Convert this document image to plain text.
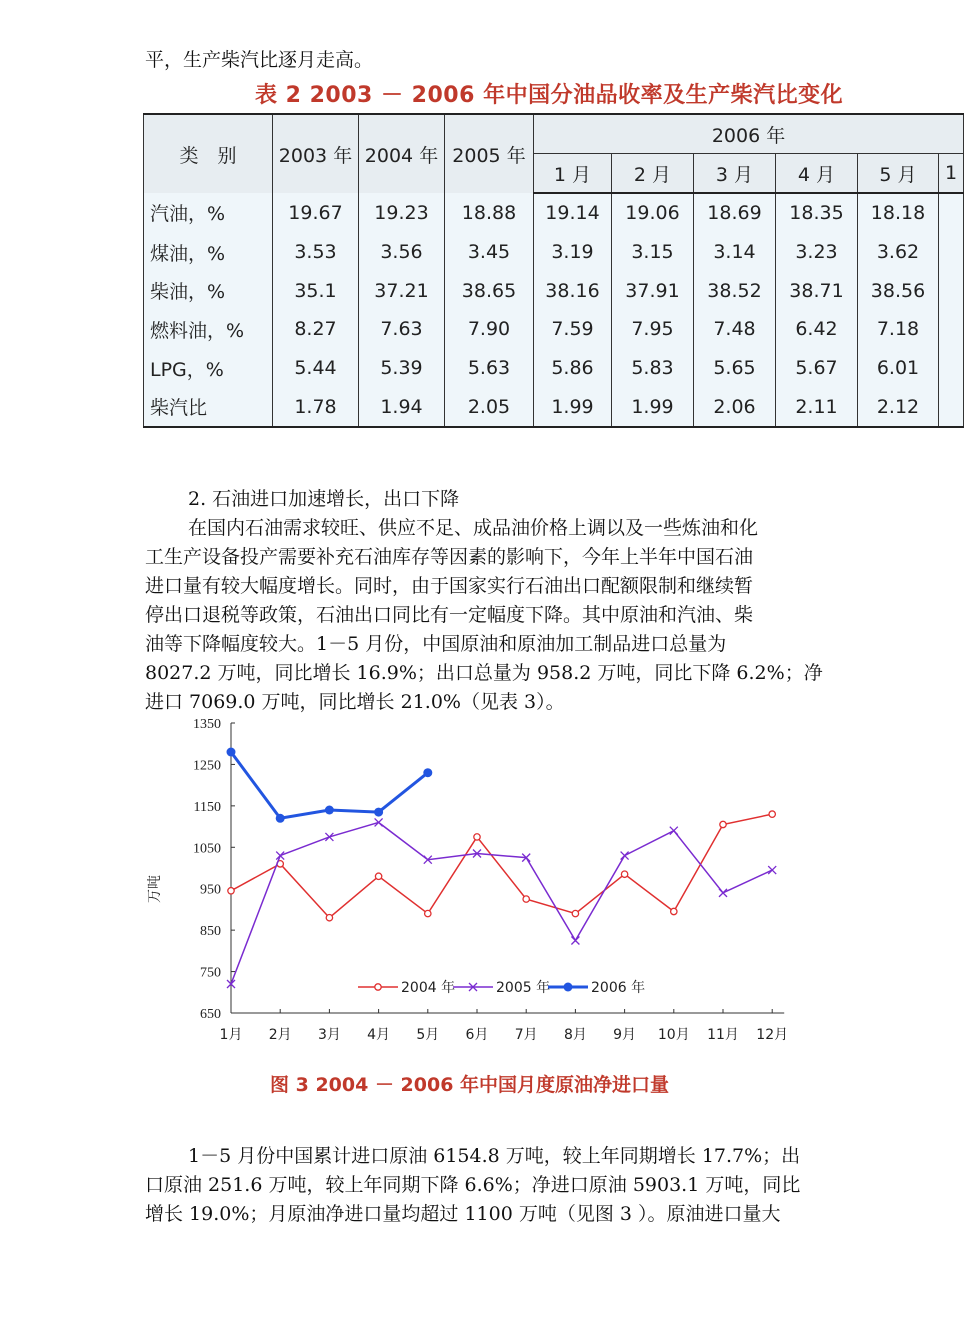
平，生产柴汽比逐月走高。
表 2 2003 － 2006 年中国分油品收率及生产柴汽比变化
类　别	2003 年	2004 年	2005 年	2006 年					
				1 月	2 月	3 月	4 月	5 月	1
汽油，%	19.67	19.23	18.88	19.14	19.06	18.69	18.35	18.18	
煤油，%	3.53	3.56	3.45	3.19	3.15	3.14	3.23	3.62	
柴油，%	35.1	37.21	38.65	38.16	37.91	38.52	38.71	38.56	
燃料油，%	8.27	7.63	7.90	7.59	7.95	7.48	6.42	7.18	
LPG，%	5.44	5.39	5.63	5.86	5.83	5.65	5.67	6.01	
柴汽比	1.78	1.94	2.05	1.99	1.99	2.06	2.11	2.12	
2. 石油进口加速增长，出口下降
在国内石油需求较旺、供应不足、成品油价格上调以及一些炼油和化
工生产设备投产需要补充石油库存等因素的影响下，今年上半年中国石油
进口量有较大幅度增长。同时，由于国家实行石油出口配额限制和继续暂
停出口退税等政策，石油出口同比有一定幅度下降。其中原油和汽油、柴
油等下降幅度较大。1－5 月份，中国原油和原油加工制品进口总量为
8027.2 万吨，同比增长 16.9%；出口总量为 958.2 万吨，同比下降 6.2%；净
进口 7069.0 万吨，同比增长 21.0%（见表 3）。
650
750
850
950
1050
1150
1250
1350
1月 2月 3月 4月 5月 6月 7月 8月 9月 10月 11月 12月
万吨
2004 年	2005 年	2006 年
图 3 2004 － 2006 年中国月度原油净进口量
1－5 月份中国累计进口原油 6154.8 万吨，较上年同期增长 17.7%；出
口原油 251.6 万吨，较上年同期下降 6.6%；净进口原油 5903.1 万吨，同比
增长 19.0%；月原油净进口量均超过 1100 万吨（见图 3 ）。原油进口量大
